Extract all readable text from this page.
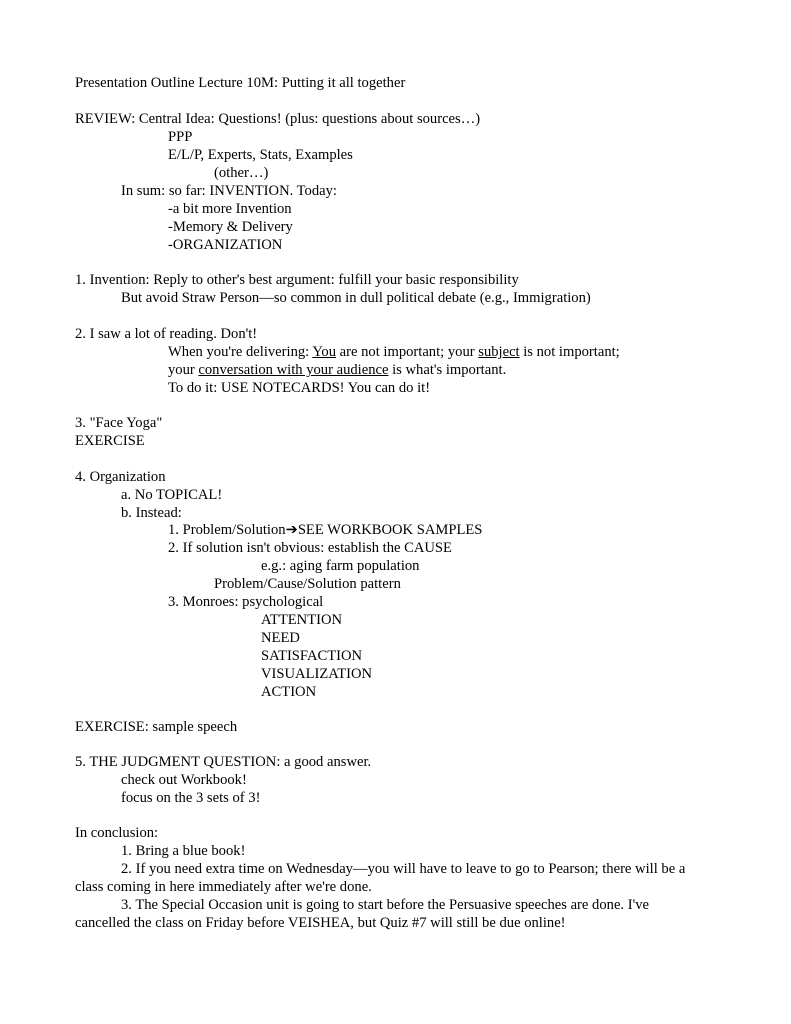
Presentation Outline Lecture 10M: Putting it all together
REVIEW: Central Idea: Questions! (plus: questions about sources…)
PPP
E/L/P, Experts, Stats, Examples
(other…)
In sum: so far: INVENTION. Today:
-a bit more Invention
-Memory & Delivery
-ORGANIZATION
1. Invention: Reply to other's best argument: fulfill your basic responsibility
But avoid Straw Person—so common in dull political debate (e.g., Immigration)
2. I saw a lot of reading. Don't!
When you're delivering: You are not important; your subject is not important;
your conversation with your audience is what's important.
To do it: USE NOTECARDS! You can do it!
3. "Face Yoga"
EXERCISE
4. Organization
a. No TOPICAL!
b. Instead:
1. Problem/Solution➔SEE WORKBOOK SAMPLES
2. If solution isn't obvious: establish the CAUSE
e.g.: aging farm population
Problem/Cause/Solution pattern
3. Monroes: psychological
ATTENTION
NEED
SATISFACTION
VISUALIZATION
ACTION
EXERCISE: sample speech
5. THE JUDGMENT QUESTION: a good answer.
check out Workbook!
focus on the 3 sets of 3!
In conclusion:
1. Bring a blue book!
2. If you need extra time on Wednesday—you will have to leave to go to Pearson; there will be a class coming in here immediately after we're done.
3. The Special Occasion unit is going to start before the Persuasive speeches are done. I've cancelled the class on Friday before VEISHEA, but Quiz #7 will still be due online!
